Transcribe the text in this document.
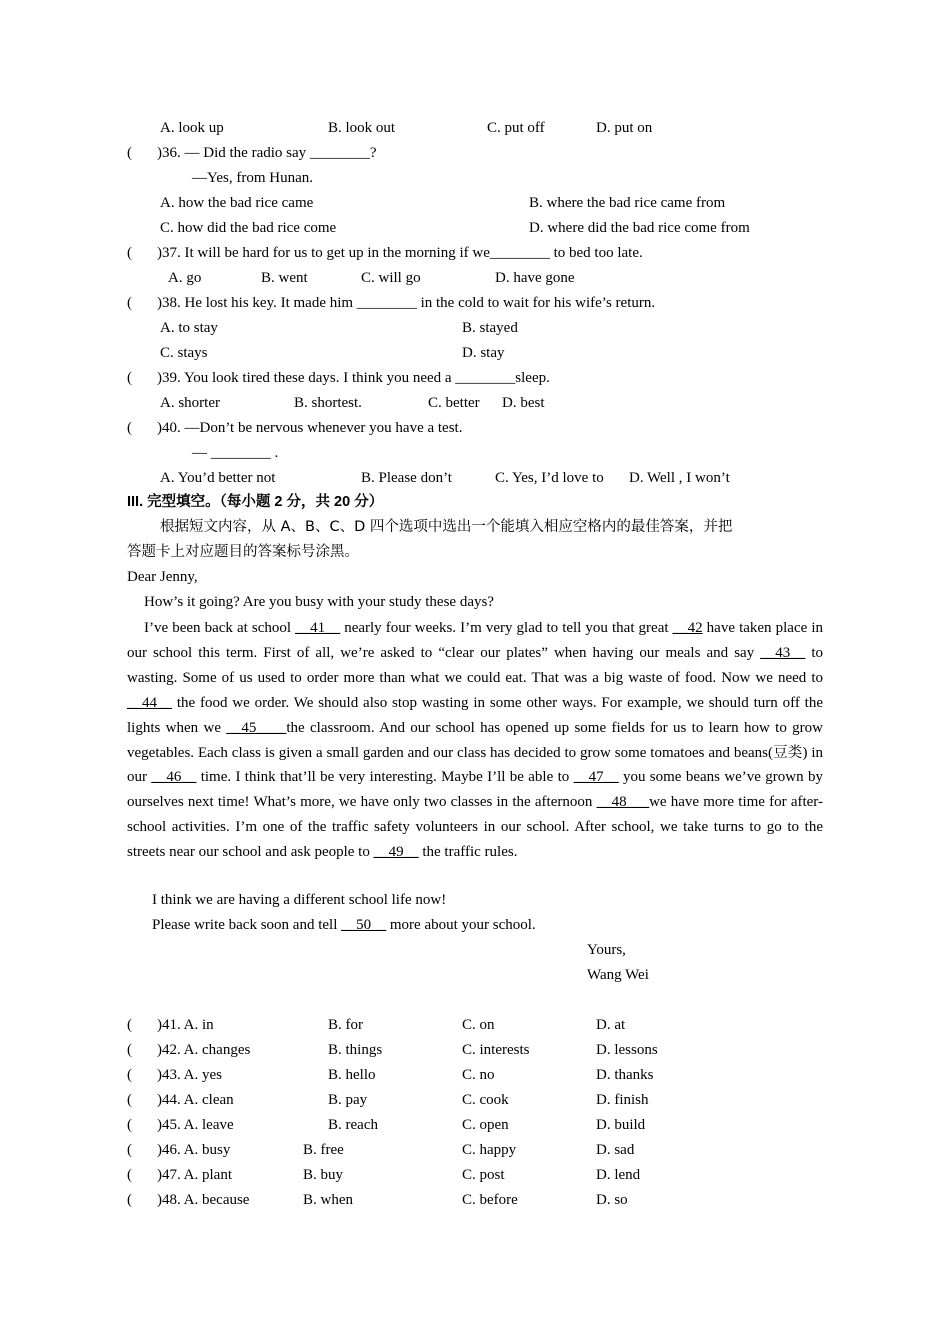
A. look up	B. look out	C. put off	D. put on
( )36. — Did the radio say ________?
—Yes, from Hunan.
A. how the bad rice came	B. where the bad rice came from
C. how did the bad rice come	D. where did the bad rice come from
( )37. It will be hard for us to get up in the morning if we________ to bed too late.
A. go	B. went	C. will go	D. have gone
( )38. He lost his key. It made him ________ in the cold to wait for his wife’s return.
A. to stay	B. stayed
C. stays	D. stay
( )39. You look tired these days. I think you need a ________sleep.
A. shorter	B. shortest.	C. better D. best
( )40. —Don’t be nervous whenever you have a test.
— ________ .
A. You’d better not	B. Please don’t	C. Yes, I’d love to D. Well , I won’t
III. 完型填空。（每小题 2 分，共 20 分）
根据短文内容，从 A、B、C、D 四个选项中选出一个能填入相应空格内的最佳答案，并把
答题卡上对应题目的答案标号涂黑。
Dear Jenny,
How’s it going? Are you busy with your study these days?
I’ve been back at school __41__ nearly four weeks. I’m very glad to tell you that great __42 have taken place in our school this term. First of all, we’re asked to “clear our plates” when having our meals and say __43__ to wasting. Some of us used to order more than what we could eat. That was a big waste of food. Now we need to __44__ the food we order. We should also stop wasting in some other ways. For example, we should turn off the lights when we __45____the classroom. And our school has opened up some fields for us to learn how to grow vegetables. Each class is given a small garden and our class has decided to grow some tomatoes and beans(豆类) in our __46__ time. I think that’ll be very interesting. Maybe I’ll be able to __47__ you some beans we’ve grown by ourselves next time! What’s more, we have only two classes in the afternoon __48___we have more time for after-school activities. I’m one of the traffic safety volunteers in our school. After school, we take turns to go to the streets near our school and ask people to __49__ the traffic rules.
I think we are having a different school life now!
Please write back soon and tell __50__ more about your school.
Yours,
Wang Wei
( )41. A. in	B. for	C. on	D. at
( )42. A. changes	B. things	C. interests	D. lessons
( )43. A. yes	B. hello	C. no	D. thanks
( )44. A. clean	B. pay	C. cook	D. finish
( )45. A. leave	B. reach	C. open	D. build
( )46. A. busy	B. free	C. happy	D. sad
( )47. A. plant	B. buy	C. post	D. lend
( )48. A. because	B. when	C. before	D. so
